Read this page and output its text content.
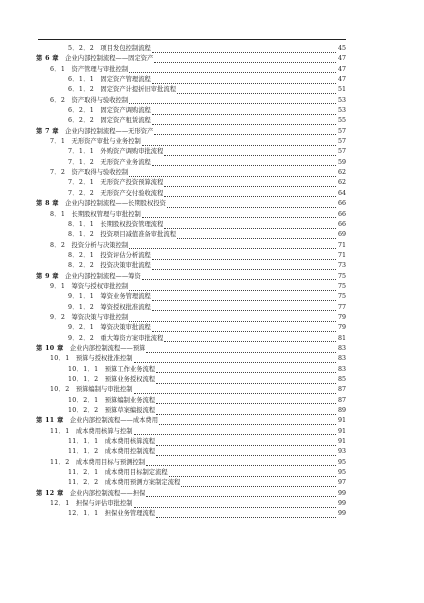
5．2．2  项目发包控制流程	45
第 6 章  企业内部控制流程——固定资产	47
6．1  资产管理与审批控制	47
6．1．1  固定资产管理流程	47
6．1．2  固定资产计提折旧审批流程	51
6．2  资产取得与验收控制	53
6．2．1  固定资产调购流程	53
6．2．2  固定资产租赁流程	55
第 7 章  企业内部控制流程——无形资产	57
7．1  无形资产审批与业务控制	57
7．1．1  外购资产调购审批流程	57
7．1．2  无形资产业务流程	59
7．2  资产取得与验收控制	62
7．2．1  无形资产投资预算流程	62
7．2．2  无形资产交付验收流程	64
第 8 章  企业内部控制流程——长期股权投资	66
8．1  长期股权管理与审批控制	66
8．1．1  长期股权投资管理流程	66
8．1．2  投资项目减值准备审批流程	69
8．2  投资分析与决策控制	71
8．2．1  投资评估分析流程	71
8．2．2  投资决策审批流程	73
第 9 章  企业内部控制流程——筹资	75
9．1  筹资与授权审批控制	75
9．1．1  筹资业务管理流程	75
9．1．2  筹资授权批准流程	77
9．2  筹资决策与审批控制	79
9．2．1  筹资决策审批流程	79
9．2．2  重大筹资方案审批流程	81
第 10 章  企业内部控制流程——预算	83
10．1  预算与授权批准控制	83
10．1．1  预算工作业务流程	83
10．1．2  预算业务授权流程	85
10．2  预算编制与审批控制	87
10．2．1  预算编制业务流程	87
10．2．2  预算草案编报流程	89
第 11 章  企业内部控制流程——成本费用	91
11．1  成本费用核算与控制	91
11．1．1  成本费用核算流程	91
11．1．2  成本费用控制流程	93
11．2  成本费用目标与预测控制	95
11．2．1  成本费用目标制定流程	95
11．2．2  成本费用预测方案制定流程	97
第 12 章  企业内部控制流程——担保	99
12．1  担保与评估审批控制	99
12．1．1  担保业务管理流程	99
